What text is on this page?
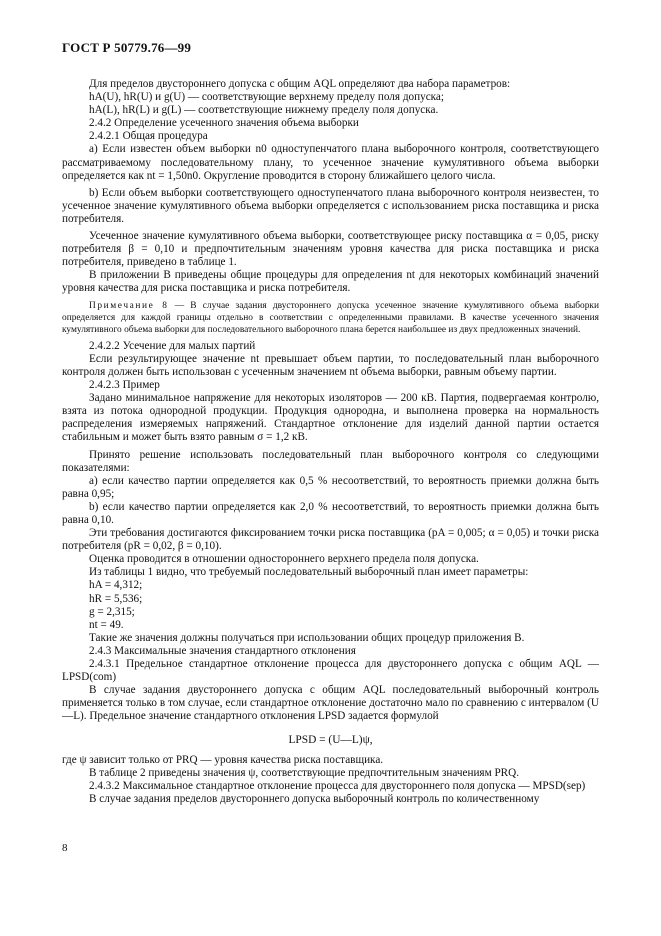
ГОСТ Р 50779.76—99

Для пределов двустороннего допуска с общим AQL определяют два набора параметров:

hA(U), hR(U) и g(U) — соответствующие верхнему пределу поля допуска;

hA(L), hR(L) и g(L) — соответствующие нижнему пределу поля допуска.

2.4.2 Определение усеченного значения объема выборки

2.4.2.1 Общая процедура

a) Если известен объем выборки n0 одноступенчатого плана выборочного контроля, соответствующего рассматриваемому последовательному плану, то усеченное значение кумулятивного объема выборки определяется как nt = 1,50n0. Округление проводится в сторону ближайшего целого числа.

b) Если объем выборки соответствующего одноступенчатого плана выборочного контроля неизвестен, то усеченное значение кумулятивного объема выборки определяется с использованием риска поставщика и риска потребителя.

Усеченное значение кумулятивного объема выборки, соответствующее риску поставщика α = 0,05, риску потребителя β = 0,10 и предпочтительным значениям уровня качества для риска поставщика и риска потребителя, приведено в таблице 1.

В приложении В приведены общие процедуры для определения nt для некоторых комбинаций значений уровня качества для риска поставщика и риска потребителя.

Примечание 8 — В случае задания двустороннего допуска усеченное значение кумулятивного объема выборки определяется для каждой границы отдельно в соответствии с определенными правилами. В качестве усеченного значения кумулятивного объема выборки для последовательного выборочного плана берется наибольшее из двух предложенных значений.

2.4.2.2 Усечение для малых партий

Если результирующее значение nt превышает объем партии, то последовательный план выборочного контроля должен быть использован с усеченным значением nt объема выборки, равным объему партии.

2.4.2.3 Пример

Задано минимальное напряжение для некоторых изоляторов — 200 кВ. Партия, подвергаемая контролю, взята из потока однородной продукции. Продукция однородна, и выполнена проверка на нормальность распределения измеряемых напряжений. Стандартное отклонение для изделий данной партии остается стабильным и может быть взято равным σ = 1,2 кВ.

Принято решение использовать последовательный план выборочного контроля со следующими показателями:

a) если качество партии определяется как 0,5 % несоответствий, то вероятность приемки должна быть равна 0,95;

b) если качество партии определяется как 2,0 % несоответствий, то вероятность приемки должна быть равна 0,10.

Эти требования достигаются фиксированием точки риска поставщика (pA = 0,005; α = 0,05) и точки риска потребителя (pR = 0,02, β = 0,10).

Оценка проводится в отношении одностороннего верхнего предела поля допуска.

Из таблицы 1 видно, что требуемый последовательный выборочный план имеет параметры:

hA = 4,312;

hR = 5,536;

g = 2,315;

nt = 49.

Такие же значения должны получаться при использовании общих процедур приложения В.

2.4.3 Максимальные значения стандартного отклонения

2.4.3.1 Предельное стандартное отклонение процесса для двустороннего допуска с общим AQL — LPSD(com)

В случае задания двустороннего допуска с общим AQL последовательный выборочный контроль применяется только в том случае, если стандартное отклонение достаточно мало по сравнению с интервалом (U—L). Предельное значение стандартного отклонения LPSD задается формулой

LPSD = (U—L)ψ,

где ψ зависит только от PRQ — уровня качества риска поставщика.

В таблице 2 приведены значения ψ, соответствующие предпочтительным значениям PRQ.

2.4.3.2 Максимальное стандартное отклонение процесса для двустороннего поля допуска — MPSD(sep)

В случае задания пределов двустороннего допуска выборочный контроль по количественному

8
